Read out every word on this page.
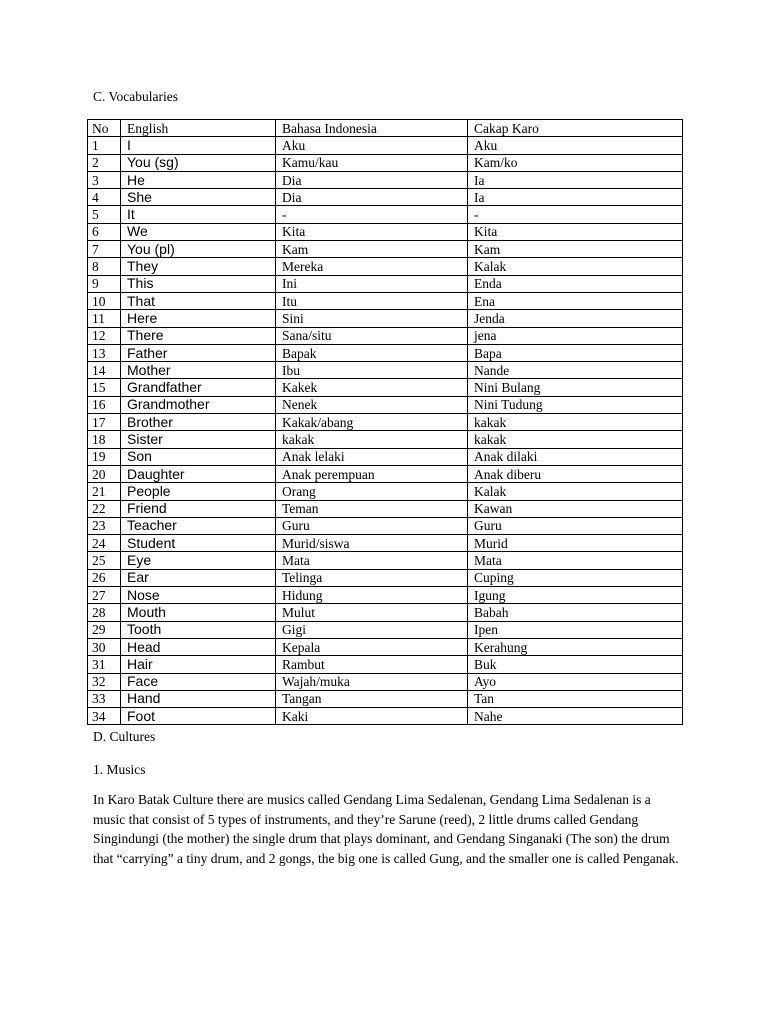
C. Vocabularies

No	English	Bahasa Indonesia	Cakap Karo
1	I	Aku	Aku
2	You (sg)	Kamu/kau	Kam/ko
3	He	Dia	Ia
4	She	Dia	Ia
5	It	-	-
6	We	Kita	Kita
7	You (pl)	Kam	Kam
8	They	Mereka	Kalak
9	This	Ini	Enda
10	That	Itu	Ena
11	Here	Sini	Jenda
12	There	Sana/situ	jena
13	Father	Bapak	Bapa
14	Mother	Ibu	Nande
15	Grandfather	Kakek	Nini Bulang
16	Grandmother	Nenek	Nini Tudung
17	Brother	Kakak/abang	kakak
18	Sister	kakak	kakak
19	Son	Anak lelaki	Anak dilaki
20	Daughter	Anak perempuan	Anak diberu
21	People	Orang	Kalak
22	Friend	Teman	Kawan
23	Teacher	Guru	Guru
24	Student	Murid/siswa	Murid
25	Eye	Mata	Mata
26	Ear	Telinga	Cuping
27	Nose	Hidung	Igung
28	Mouth	Mulut	Babah
29	Tooth	Gigi	Ipen
30	Head	Kepala	Kerahung
31	Hair	Rambut	Buk
32	Face	Wajah/muka	Ayo
33	Hand	Tangan	Tan
34	Foot	Kaki	Nahe

D. Cultures

1. Musics

In Karo Batak Culture there are musics called Gendang Lima Sedalenan, Gendang Lima Sedalenan is a music that consist of 5 types of instruments, and they’re Sarune (reed), 2 little drums called Gendang Singindungi (the mother) the single drum that plays dominant, and Gendang Singanaki (The son) the drum that “carrying” a tiny drum, and 2 gongs, the big one is called Gung, and the smaller one is called Penganak.
